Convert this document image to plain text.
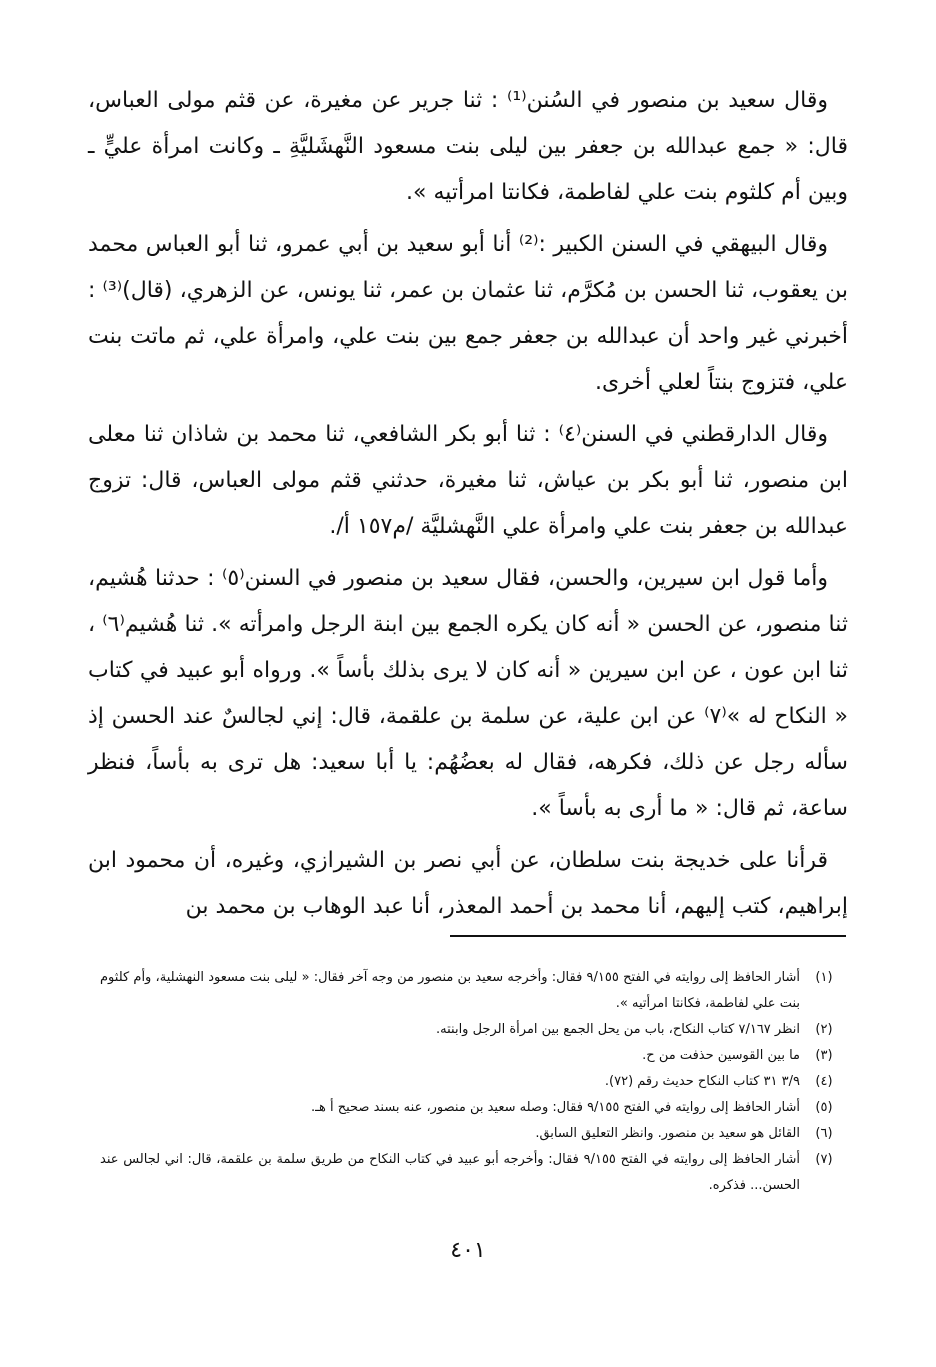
وقال سعيد بن منصور في السُنن⁽¹⁾ : ثنا جرير عن مغيرة، عن قثم مولى العباس، قال: « جمع عبدالله بن جعفر بين ليلى بنت مسعود النَّهشَليَّةِ ـ وكانت امرأة عليٍّ ـ وبين أم كلثوم بنت علي لفاطمة، فكانتا امرأتيه ».

وقال البيهقي في السنن الكبير :⁽²⁾ أنا أبو سعيد بن أبي عمرو، ثنا أبو العباس محمد بن يعقوب، ثنا الحسن بن مُكرَّم، ثنا عثمان بن عمر، ثنا يونس، عن الزهري، (قال)⁽³⁾ : أخبرني غير واحد أن عبدالله بن جعفر جمع بين بنت علي، وامرأة علي، ثم ماتت بنت علي، فتزوج بنتاً لعلي أخرى.

وقال الدارقطني في السنن⁽٤⁾ : ثنا أبو بكر الشافعي، ثنا محمد بن شاذان ثنا معلى ابن منصور، ثنا أبو بكر بن عياش، ثنا مغيرة، حدثني قثم مولى العباس، قال: تزوج عبدالله بن جعفر بنت علي وامرأة علي النَّهشليَّة /م١٥٧ أ/.

وأما قول ابن سيرين، والحسن، فقال سعيد بن منصور في السنن⁽٥⁾ : حدثنا هُشيم، ثنا منصور، عن الحسن « أنه كان يكره الجمع بين ابنة الرجل وامرأته ». ثنا هُشيم⁽٦⁾ ، ثنا ابن عون ، عن ابن سيرين « أنه كان لا يرى بذلك بأساً ». ورواه أبو عبيد في كتاب « النكاح له »⁽٧⁾ عن ابن علية، عن سلمة بن علقمة، قال: إني لجالسٌ عند الحسن إذ سأله رجل عن ذلك، فكرهه، فقال له بعضُهُم: يا أبا سعيد: هل ترى به بأساً، فنظر ساعة، ثم قال: « ما أرى به بأساً ».

قرأنا على خديجة بنت سلطان، عن أبي نصر بن الشيرازي، وغيره، أن محمود ابن إبراهيم، كتب إليهم، أنا محمد بن أحمد المعذر، أنا عبد الوهاب بن محمد بن

(١)
أشار الحافظ إلى روايته في الفتح ٩/١٥٥ فقال: وأخرجه سعيد بن منصور من وجه آخر فقال: « ليلى بنت مسعود النهشلية، وأم كلثوم بنت علي لفاطمة، فكانتا امرأتيه ».
(٢)
انظر ٧/١٦٧ كتاب النكاح، باب من يحل الجمع بين امرأة الرجل وابنته.
(٣)
ما بين القوسين حذفت من ح.
(٤)
٣/٩ ٣١ كتاب النكاح حديث رقم (٧٢).
(٥)
أشار الحافظ إلى روايته في الفتح ٩/١٥٥ فقال: وصله سعيد بن منصور، عنه بسند صحيح أ هـ.
(٦)
القائل هو سعيد بن منصور. وانظر التعليق السابق.
(٧)
أشار الحافظ إلى روايته في الفتح ٩/١٥٥ فقال: وأخرجه أبو عبيد في كتاب النكاح من طريق سلمة بن علقمة، قال: اني لجالس عند الحسن... فذكره.
٤٠١
